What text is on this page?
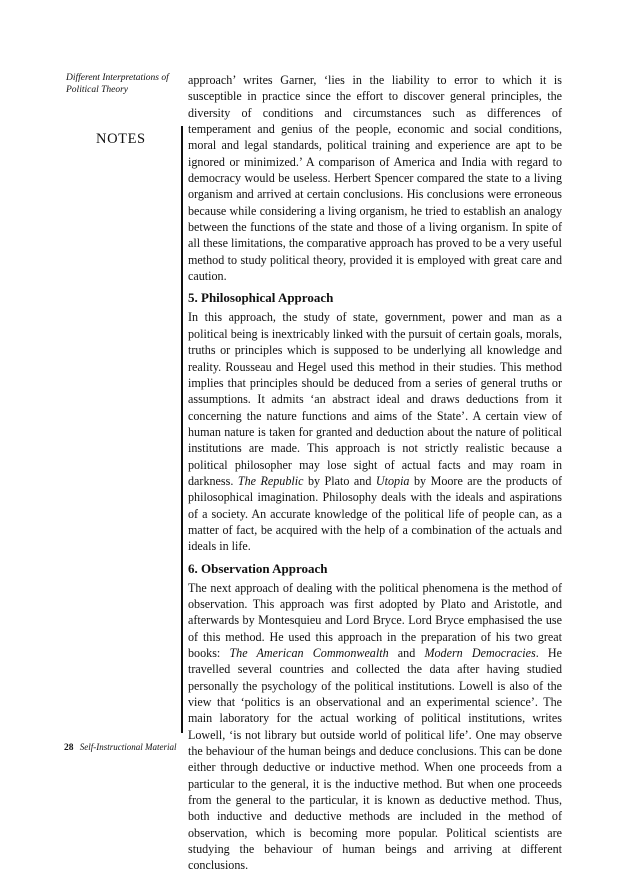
Different Interpretations of
Political Theory
NOTES

approach’ writes Garner, ‘lies in the liability to error to which it is susceptible in practice since the effort to discover general principles, the diversity of conditions and circumstances such as differences of temperament and genius of the people, economic and social conditions, moral and legal standards, political training and experience are apt to be ignored or minimized.’ A comparison of America and India with regard to democracy would be useless. Herbert Spencer compared the state to a living organism and arrived at certain conclusions. His conclusions were erroneous because while considering a living organism, he tried to establish an analogy between the functions of the state and those of a living organism. In spite of all these limitations, the comparative approach has proved to be a very useful method to study political theory, provided it is employed with great care and caution.

5. Philosophical Approach

In this approach, the study of state, government, power and man as a political being is inextricably linked with the pursuit of certain goals, morals, truths or principles which is supposed to be underlying all knowledge and reality. Rousseau and Hegel used this method in their studies. This method implies that principles should be deduced from a series of general truths or assumptions. It admits ‘an abstract ideal and draws deductions from it concerning the nature functions and aims of the State’. A certain view of human nature is taken for granted and deduction about the nature of political institutions are made. This approach is not strictly realistic because a political philosopher may lose sight of actual facts and may roam in darkness. The Republic by Plato and Utopia by Moore are the products of philosophical imagination. Philosophy deals with the ideals and aspirations of a society. An accurate knowledge of the political life of people can, as a matter of fact, be acquired with the help of a combination of the actuals and ideals in life.

6. Observation Approach

The next approach of dealing with the political phenomena is the method of observation. This approach was first adopted by Plato and Aristotle, and afterwards by Montesquieu and Lord Bryce. Lord Bryce emphasised the use of this method. He used this approach in the preparation of his two great books: The American Commonwealth and Modern Democracies. He travelled several countries and collected the data after having studied personally the psychology of the political institutions. Lowell is also of the view that ‘politics is an observational and an experimental science’. The main laboratory for the actual working of political institutions, writes Lowell, ‘is not library but outside world of political life’. One may observe the behaviour of the human beings and deduce conclusions. This can be done either through deductive or inductive method. When one proceeds from a particular to the general, it is the inductive method. But when one proceeds from the general to the particular, it is known as deductive method. Thus, both inductive and deductive methods are included in the method of observation, which is becoming more popular. Political scientists are studying the behaviour of human beings and arriving at different conclusions.

28 Self-Instructional Material
